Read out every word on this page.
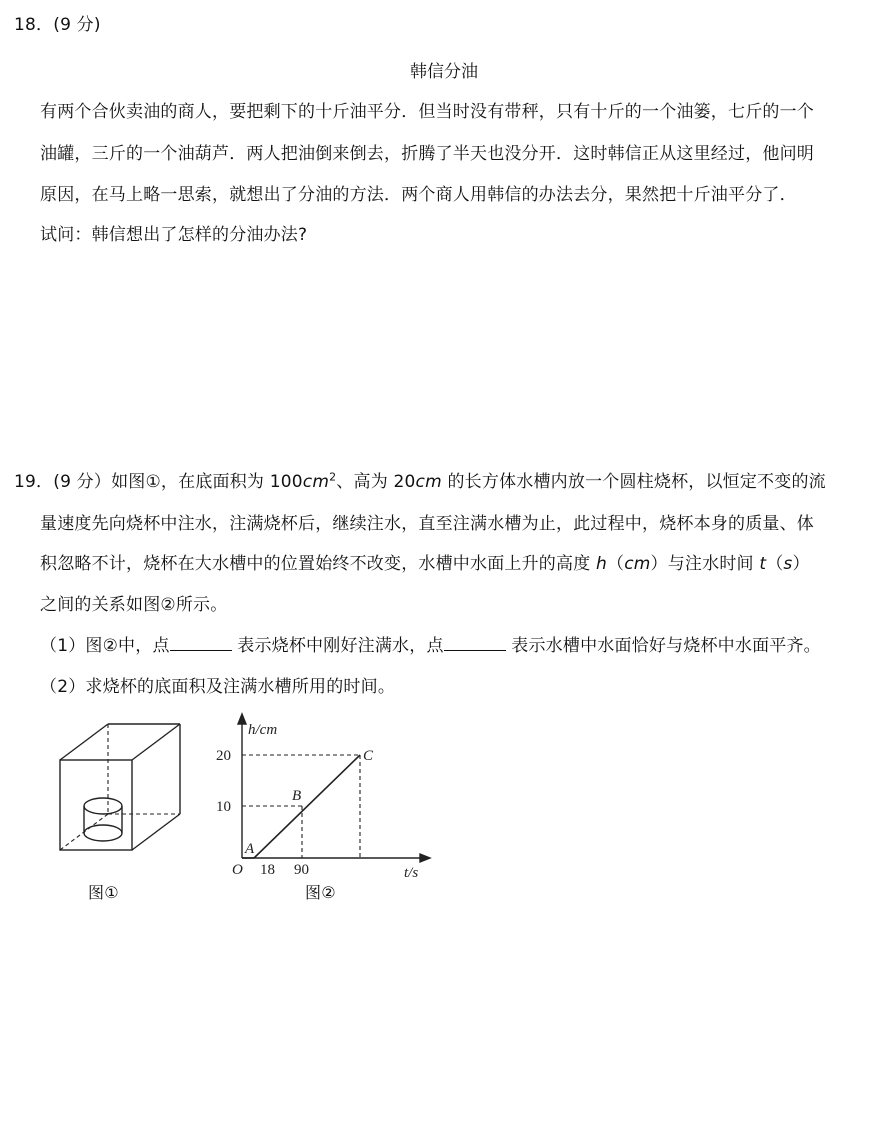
18．(9 分)
韩信分油
有两个合伙卖油的商人，要把剩下的十斤油平分．但当时没有带秤，只有十斤的一个油篓，七斤的一个
油罐，三斤的一个油葫芦．两人把油倒来倒去，折腾了半天也没分开．这时韩信正从这里经过，他问明
原因，在马上略一思索，就想出了分油的方法．两个商人用韩信的办法去分，果然把十斤油平分了．
试问：韩信想出了怎样的分油办法?
19．(9 分）如图①，在底面积为 $100cm^2$、高为 20cm 的长方体水槽内放一个圆柱烧杯，以恒定不变的流
量速度先向烧杯中注水，注满烧杯后，继续注水，直至注满水槽为止，此过程中，烧杯本身的质量、体
积忽略不计，烧杯在大水槽中的位置始终不改变，水槽中水面上升的高度 h（cm）与注水时间 t（s）
之间的关系如图②所示。
（1）图②中，点	表示烧杯中刚好注满水，点	表示水槽中水面恰好与烧杯中水面平齐。
（2）求烧杯的底面积及注满水槽所用的时间。
图①
h/cm
t/s
O
20
10
18 90
A
B
C
图②
